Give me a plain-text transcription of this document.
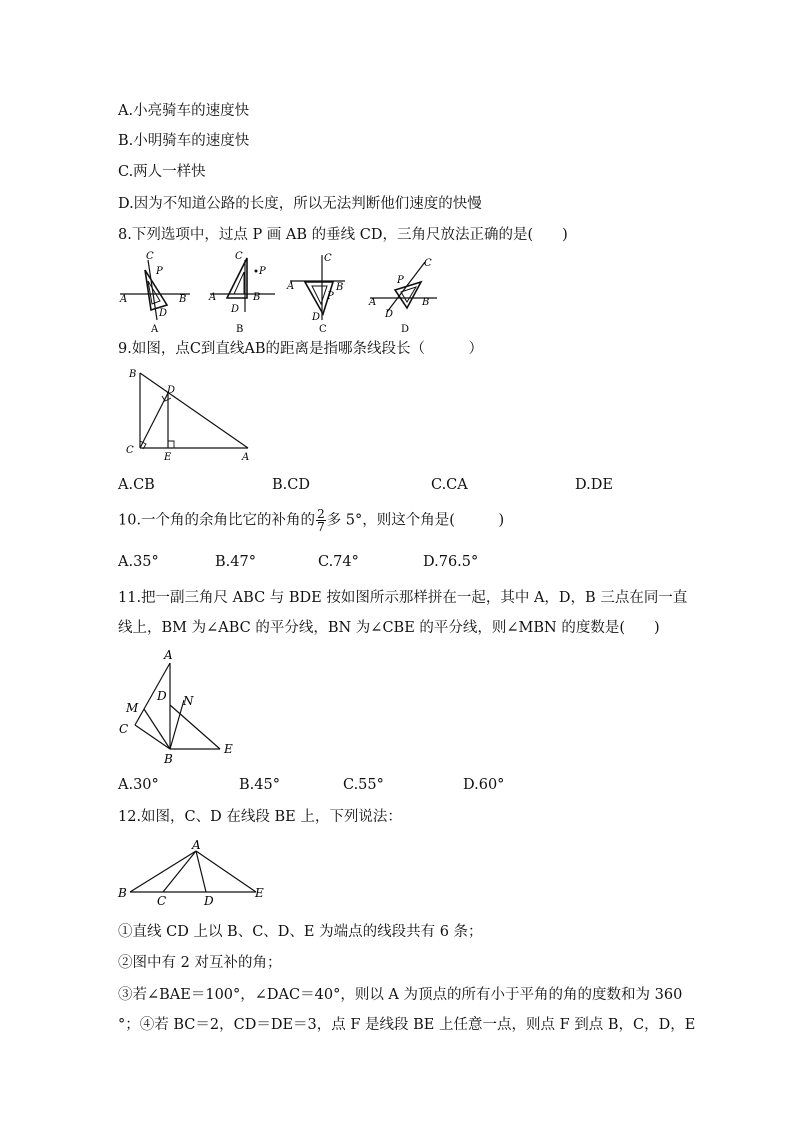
A.小亮骑车的速度快
B.小明骑车的速度快
C.两人一样快
D.因为不知道公路的长度，所以无法判断他们速度的快慢
8.下列选项中，过点 P 画 AB 的垂线 CD，三角尺放法正确的是(　　)
C
P
A	B
D
A
C
P
A	B
D
B
C
A	B
P
D
C
C
P
A	B
D
D
9.如图，点C到直线AB的距离是指哪条线段长（　　　）
B
D
C
E	A
A.CB	B.CD	C.CA	D.DE
10.一个角的余角比它的补角的 $\frac{2}{7}$ 多 5°，则这个角是(　　　)
A.35°	B.47°	C.74°	D.76.5°
11.把一副三角尺 ABC 与 BDE 按如图所示那样拼在一起，其中 A，D，B 三点在同一直
线上，BM 为∠ABC 的平分线，BN 为∠CBE 的平分线，则∠MBN 的度数是(　　)
A
D N
M
C
B
E
A.30°	B.45°	C.55°	D.60°
12.如图，C、D 在线段 BE 上，下列说法：
A
B
C	D
E
①直线 CD 上以 B、C、D、E 为端点的线段共有 6 条；
②图中有 2 对互补的角；
③若∠BAE＝100°，∠DAC＝40°，则以 A 为顶点的所有小于平角的角的度数和为 360
°；④若 BC＝2，CD＝DE＝3，点 F 是线段 BE 上任意一点，则点 F 到点 B，C，D，E
